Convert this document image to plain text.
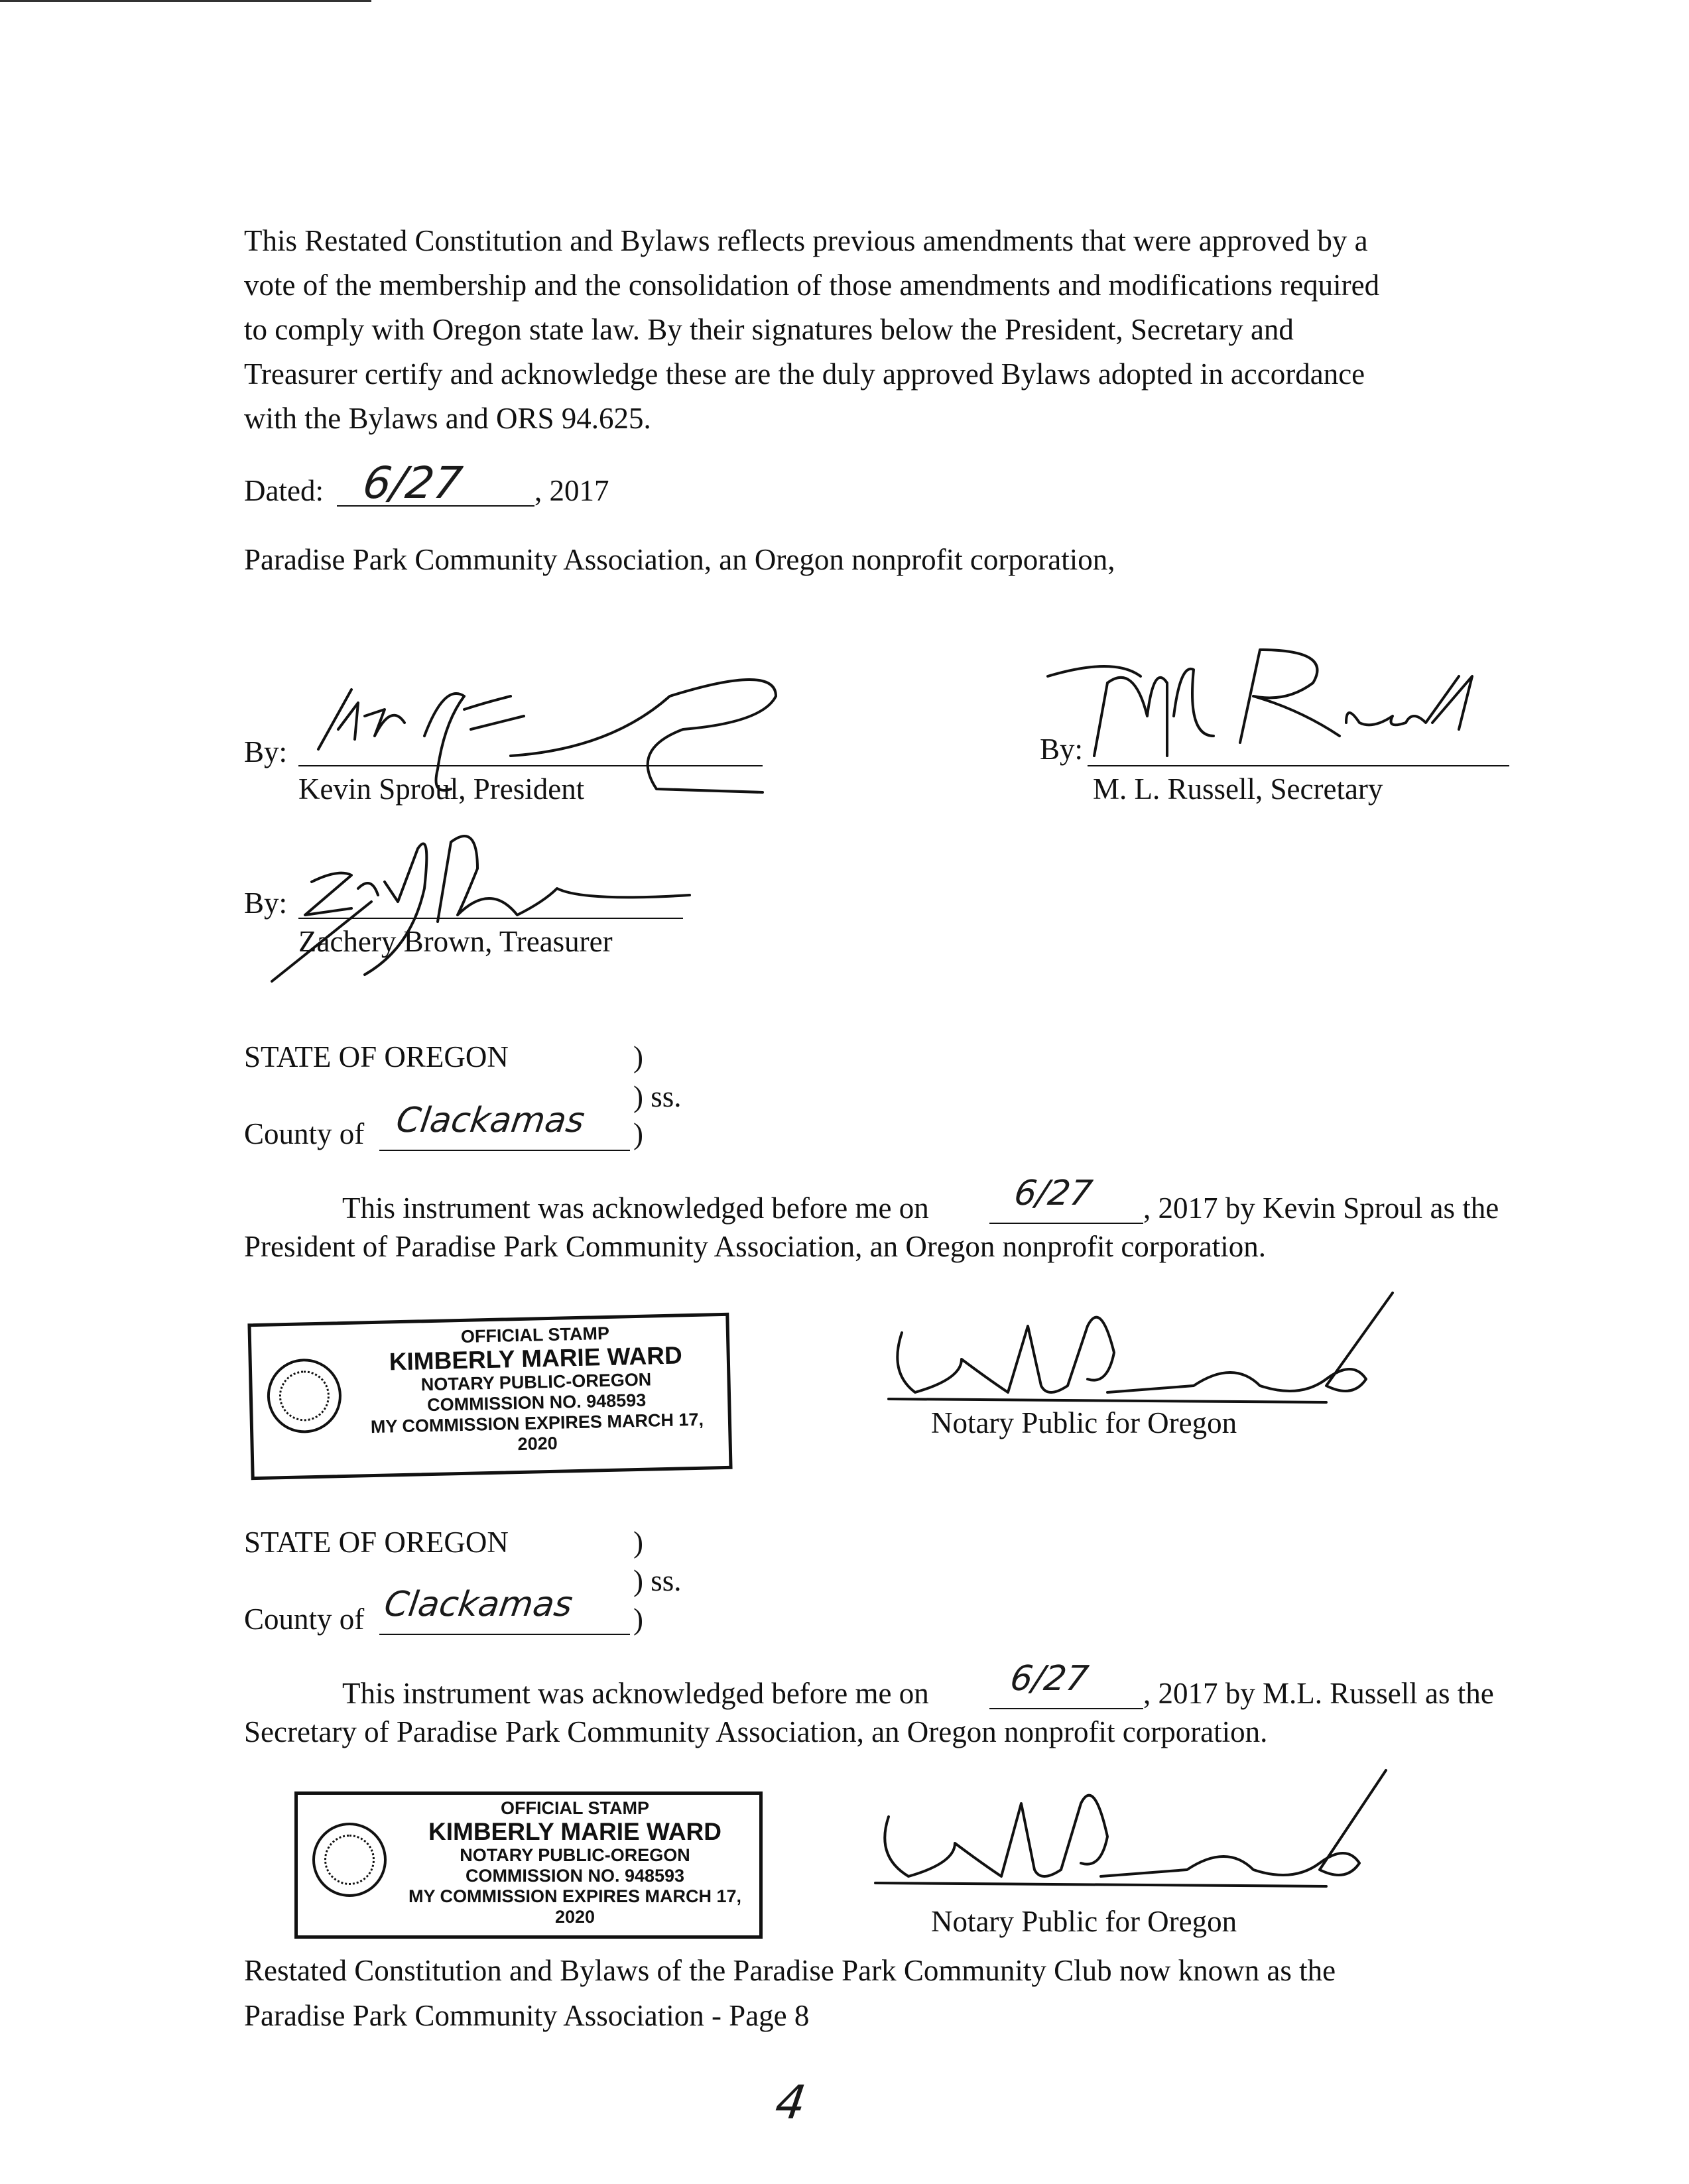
This Restated Constitution and Bylaws reflects previous amendments that were approved by a
vote of the membership and the consolidation of those amendments and modifications required
to comply with Oregon state law. By their signatures below the President, Secretary and
Treasurer certify and acknowledge these are the duly approved Bylaws adopted in accordance
with the Bylaws and ORS 94.625.
Dated: 6/27 , 2017
Paradise Park Community Association, an Oregon nonprofit corporation,
By:
Kevin Sproul, President
By:
M. L. Russell, Secretary
By:
Zachery Brown, Treasurer
STATE OF OREGON	)
) ss.
County of Clackamas )
This instrument was acknowledged before me on 6/27 , 2017 by Kevin Sproul as the
President of Paradise Park Community Association, an Oregon nonprofit corporation.
OFFICIAL STAMP
KIMBERLY MARIE WARD
NOTARY PUBLIC-OREGON
COMMISSION NO. 948593
MY COMMISSION EXPIRES MARCH 17, 2020
Notary Public for Oregon
STATE OF OREGON	)
) ss.
County of Clackamas )
This instrument was acknowledged before me on 6/27 , 2017 by M.L. Russell as the
Secretary of Paradise Park Community Association, an Oregon nonprofit corporation.
OFFICIAL STAMP
KIMBERLY MARIE WARD
NOTARY PUBLIC-OREGON
COMMISSION NO. 948593
MY COMMISSION EXPIRES MARCH 17, 2020	Notary Public for Oregon
Restated Constitution and Bylaws of the Paradise Park Community Club now known as the
Paradise Park Community Association - Page 8
4
